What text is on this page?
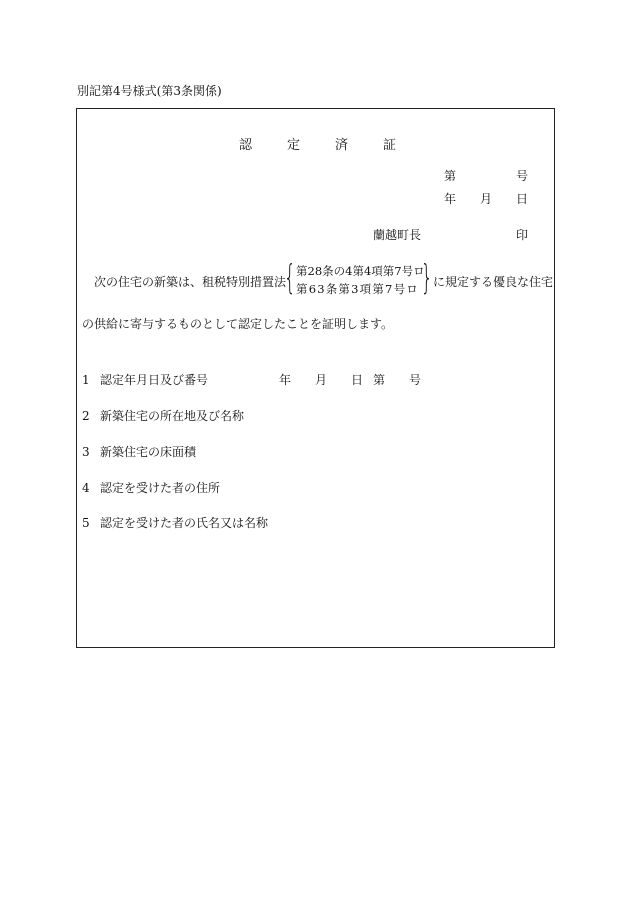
別記第4号様式(第3条関係)
認	定	済	証
第	号
年 月 日
蘭越町長	印
次の住宅の新築は、租税特別措置法
{ 第28条の4第4項第7号ロ
第63条第3項第7号ロ } に規定する優良な住宅
の供給に寄与するものとして認定したことを証明します。
1 認定年月日及び番号	年 月 日 第 号
2 新築住宅の所在地及び名称
3 新築住宅の床面積
4 認定を受けた者の住所
5 認定を受けた者の氏名又は名称
